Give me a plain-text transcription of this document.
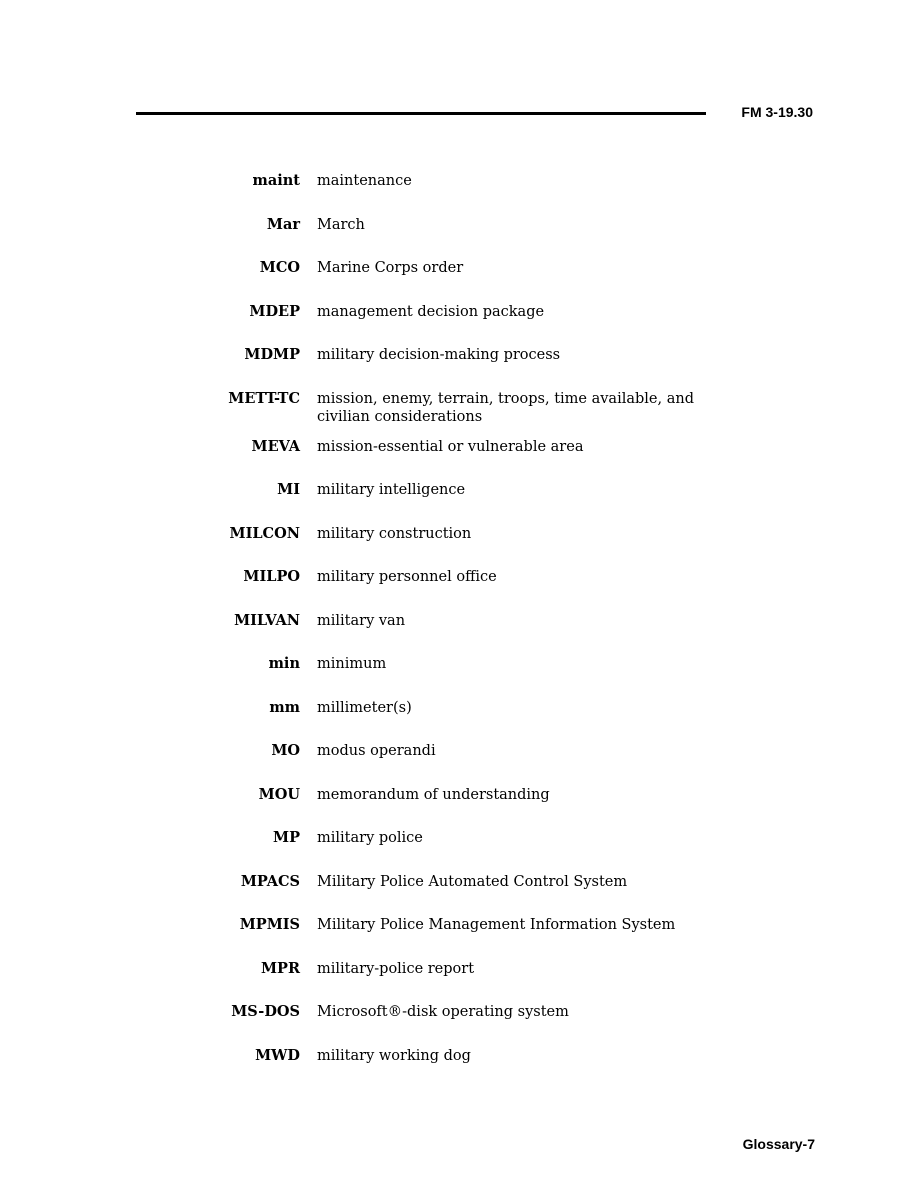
FM 3-19.30
maint	maintenance
Mar	March
MCO	Marine Corps order
MDEP	management decision package
MDMP	military decision-making process
METT-TC	mission, enemy, terrain, troops, time available, and civilian considerations
MEVA	mission-essential or vulnerable area
MI	military intelligence
MILCON	military construction
MILPO	military personnel office
MILVAN	military van
min	minimum
mm	millimeter(s)
MO	modus operandi
MOU	memorandum of understanding
MP	military police
MPACS	Military Police Automated Control System
MPMIS	Military Police Management Information System
MPR	military-police report
MS-DOS	Microsoft®-disk operating system
MWD	military working dog
Glossary-7
